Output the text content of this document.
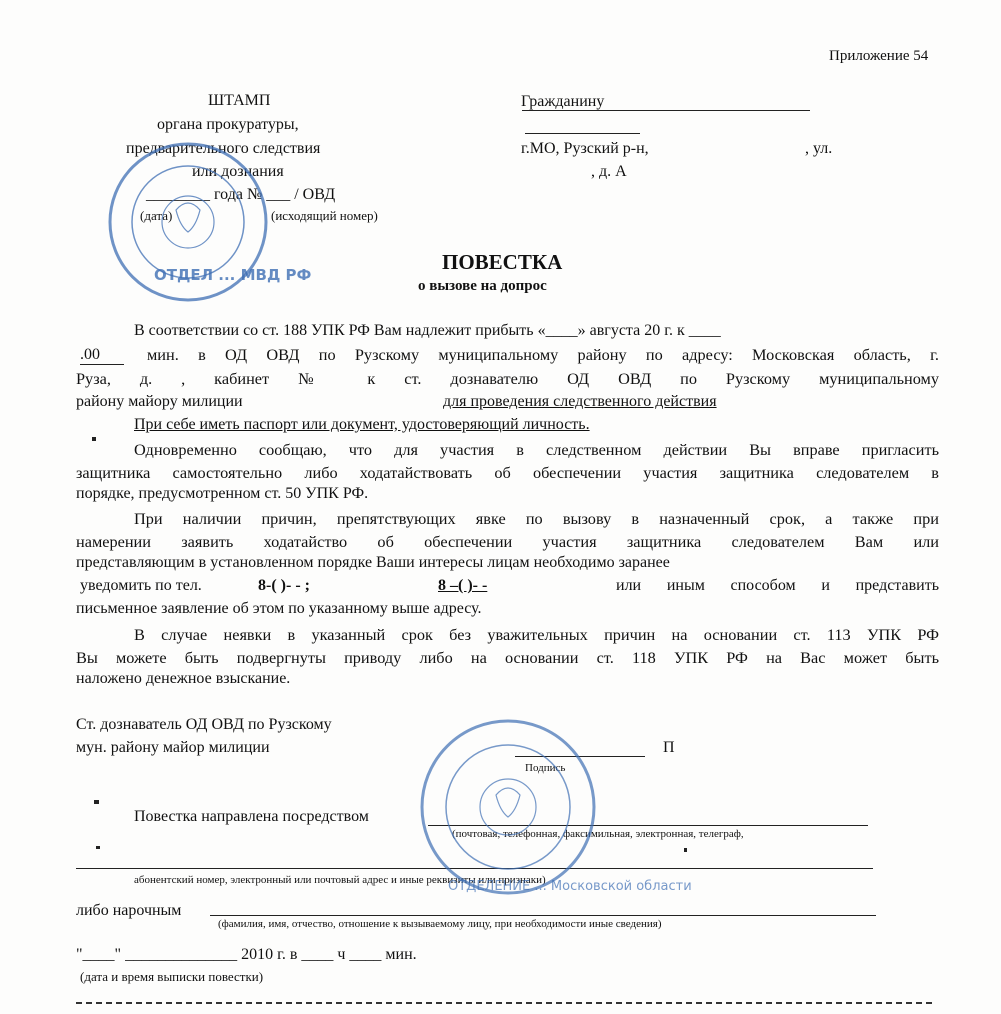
Приложение 54
ШТАМП
органа прокуратуры,
предварительного следствия
или дознания
________ года № ___ / ОВД
(дата)	(исходящий номер)
Гражданину
г.МО, Рузский р-н,	, ул.
, д. А
ПОВЕСТКА
о вызове на допрос
В соответствии со ст. 188 УПК РФ Вам надлежит прибыть «____» августа 20 г. к ____
.00	мин. в ОД ОВД по Рузскому муниципальному району по адресу: Московская область, г.
Руза, д. , кабинет № к ст. дознавателю ОД ОВД по Рузскому муниципальному
району майору милиции	для проведения следственного действия
При себе иметь паспорт или документ, удостоверяющий личность.
Одновременно сообщаю, что для участия в следственном действии Вы вправе пригласить
защитника самостоятельно либо ходатайствовать об обеспечении участия защитника следователем в
порядке, предусмотренном ст. 50 УПК РФ.
При наличии причин, препятствующих явке по вызову в назначенный срок, а также при
намерении заявить ходатайство об обеспечении участия защитника следователем Вам или
представляющим в установленном порядке Ваши интересы лицам необходимо заранее
уведомить по тел.	8-( )- - ;	8 –( )- -	или иным способом и представить
письменное заявление об этом по указанному выше адресу.
В случае неявки в указанный срок без уважительных причин на основании ст. 113 УПК РФ
Вы можете быть подвергнуты приводу либо на основании ст. 118 УПК РФ на Вас может быть
наложено денежное взыскание.
Ст. дознаватель ОД ОВД по Рузскому
мун. району майор милиции	П
Подпись
Повестка направлена посредством
(почтовая, телефонная, факсимильная, электронная, телеграф,
абонентский номер, электронный или почтовый адрес и иные реквизиты или признаки)
либо нарочным
(фамилия, имя, отчество, отношение к вызываемому лицу, при необходимости иные сведения)
"____" ______________ 2010 г. в ____ ч ____ мин.
(дата и время выписки повестки)
ОТДЕЛ ... МВД РФ
ОТДЕЛЕНИЕ ... Московской области
